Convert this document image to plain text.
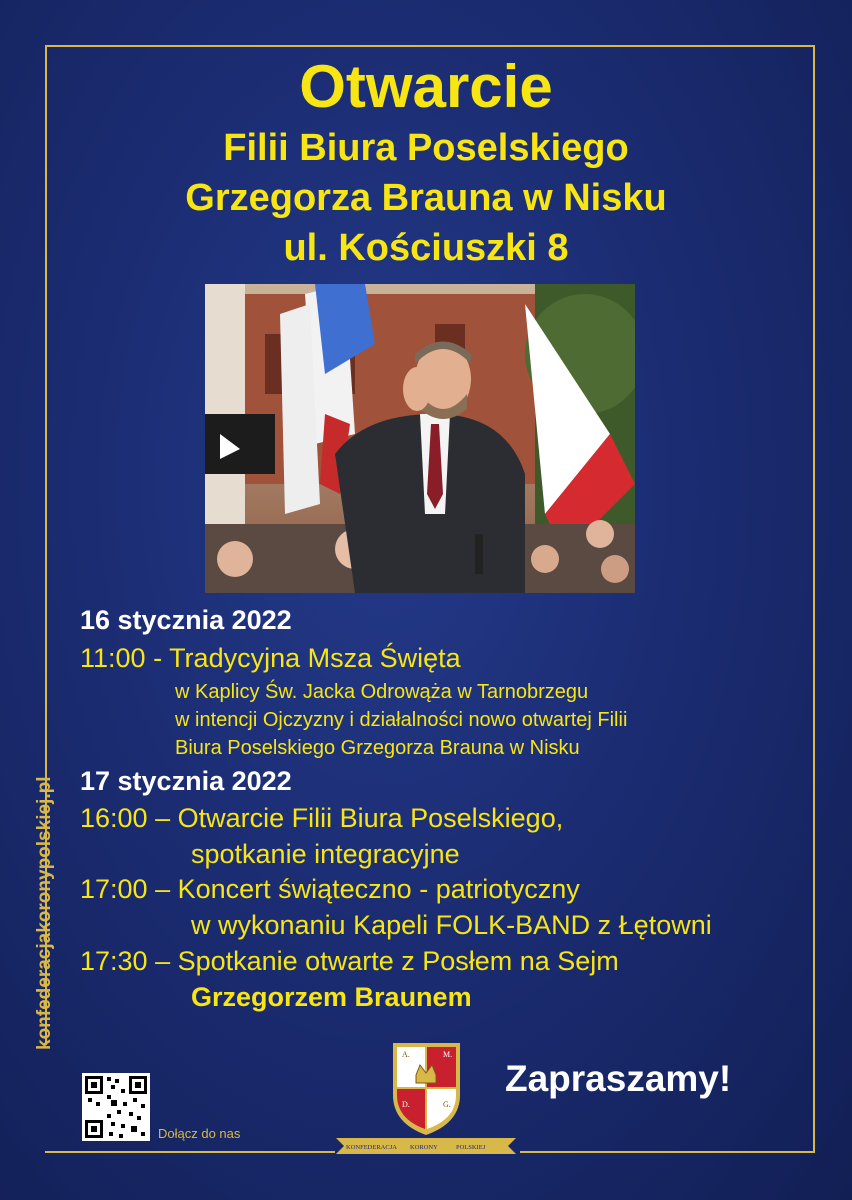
Otwarcie
Filii Biura Poselskiego
Grzegorza Brauna w Nisku
ul. Kościuszki 8
16 stycznia 2022
11:00 - Tradycyjna Msza Święta
w Kaplicy Św. Jacka Odrowąża w Tarnobrzegu
w intencji Ojczyzny i działalności nowo otwartej Filii
Biura Poselskiego Grzegorza Brauna w Nisku
17 stycznia 2022
16:00 – Otwarcie Filii Biura Poselskiego,
spotkanie integracyjne
17:00 – Koncert świąteczno - patriotyczny
w wykonaniu Kapeli FOLK-BAND z Łętowni
17:30 – Spotkanie otwarte z Posłem na Sejm
Grzegorzem Braunem
konfederacjakoronypolskiej.pl
Dołącz do nas
A.	M.
D.	G.
KONFEDERACJA KORONY	POLSKIEJ
Zapraszamy!
